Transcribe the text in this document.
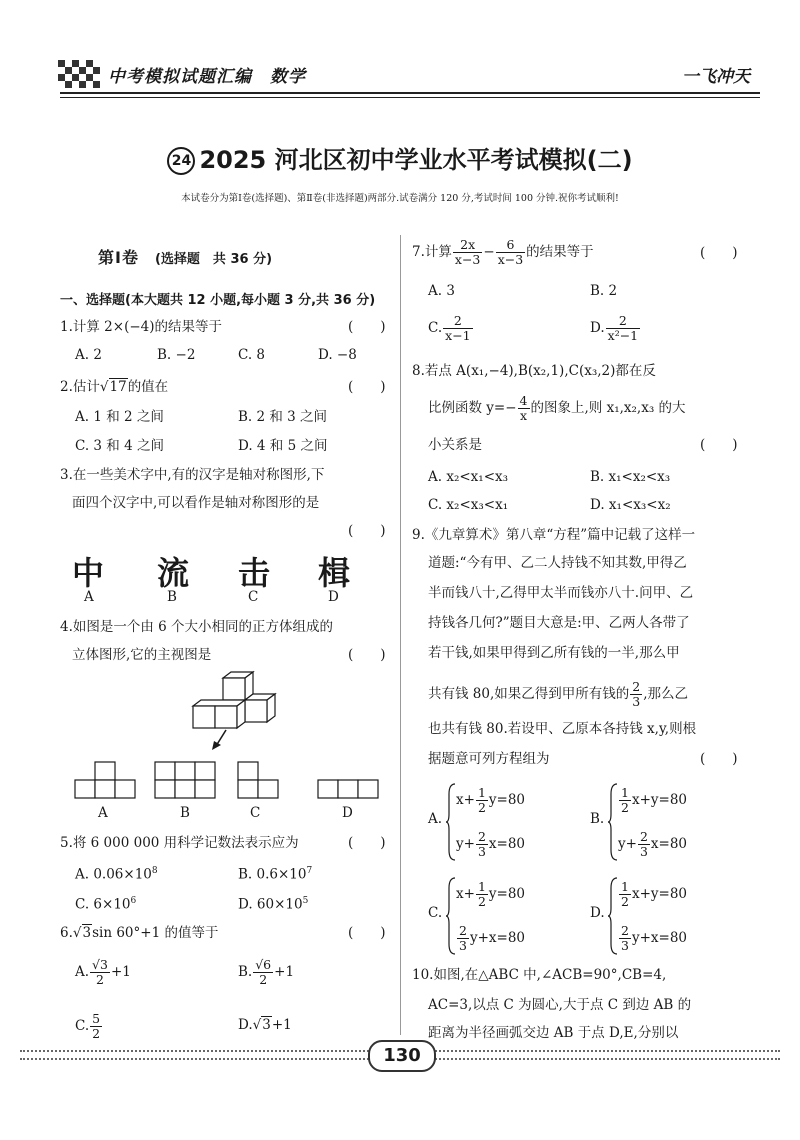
中考模拟试题汇编　 数学	一飞冲天
24 2025 河北区初中学业水平考试模拟(二)
本试卷分为第Ⅰ卷(选择题)、第Ⅱ卷(非选择题)两部分.试卷满分 120 分,考试时间 100 分钟.祝你考试顺利!
第Ⅰ卷　 (选择题　共 36 分)
一、选择题(本大题共 12 小题,每小题 3 分,共 36 分)
1.计算 2×(−4)的结果等于	(　　)
A. 2	B. −2	C. 8	D. −8
2.估计√17的值在	(　　)
A. 1 和 2 之间	B. 2 和 3 之间
C. 3 和 4 之间	D. 4 和 5 之间
3.在一些美术字中,有的汉字是轴对称图形,下
面四个汉字中,可以看作是轴对称图形的是
(　　)
中 流 击 楫
A	B	C	D
4.如图是一个由 6 个大小相同的正方体组成的
立体图形,它的主视图是	(　　)
A	B	C	D
5.将 6 000 000 用科学记数法表示应为	(　　)
A. $0.06\times 10^8$	B. $0.6\times 10^7$
C. $6\times 10^6$	D. $60\times 10^5$
6.√3sin 60°+1 的值等于	(　　)
A. $\frac{√3}{2} +1$	B. $\frac{√6}{2} +1$
C. $\frac{5}{2}$	D.√3+1
7.计算 $\frac{2x}{x-3} - \frac{6}{x-3}$ 的结果等于	(　　)
A. 3	B. 2
C. $\frac{2}{x-1}$	D. $\frac{2}{\text{x²−1}}$
8.若点 A(x₁,−4),B(x₂,1),C(x₃,2)都在反
比例函数 $y=- \frac{4}{x}$ 的图象上,则 x₁,x₂,x₃ 的大
小关系是	(　　)
A. x₂<x₁<x₃	B. x₁<x₂<x₃
C. x₂<x₃<x₁	D. x₁<x₃<x₂
9.《九章算术》第八章“方程”篇中记载了这样一
道题:“今有甲、乙二人持钱不知其数,甲得乙
半而钱八十,乙得甲太半而钱亦八十.问甲、乙
持钱各几何?”题目大意是:甲、乙两人各带了
若干钱,如果甲得到乙所有钱的一半,那么甲
共有钱 80,如果乙得到甲所有钱的 $\frac{2}{3}$ ,那么乙
也共有钱 80.若设甲、乙原本各持钱 x,y,则根
据题意可列方程组为	(　　)
A.
$x+ \frac{1}{2} y=80$
$y+ \frac{2}{3} x=80$
B.
$\frac{1}{2} x+y=80$
$y+ \frac{2}{3} x=80$
C.
$x+ \frac{1}{2} y=80$
$\frac{2}{3} y+x=80$
D.
$\frac{1}{2} x+y=80$
$\frac{2}{3} y+x=80$
10.如图,在△ABC 中,∠ACB=90°,CB=4,
AC=3,以点 C 为圆心,大于点 C 到边 AB 的
距离为半径画弧交边 AB 于点 D,E,分别以
130
